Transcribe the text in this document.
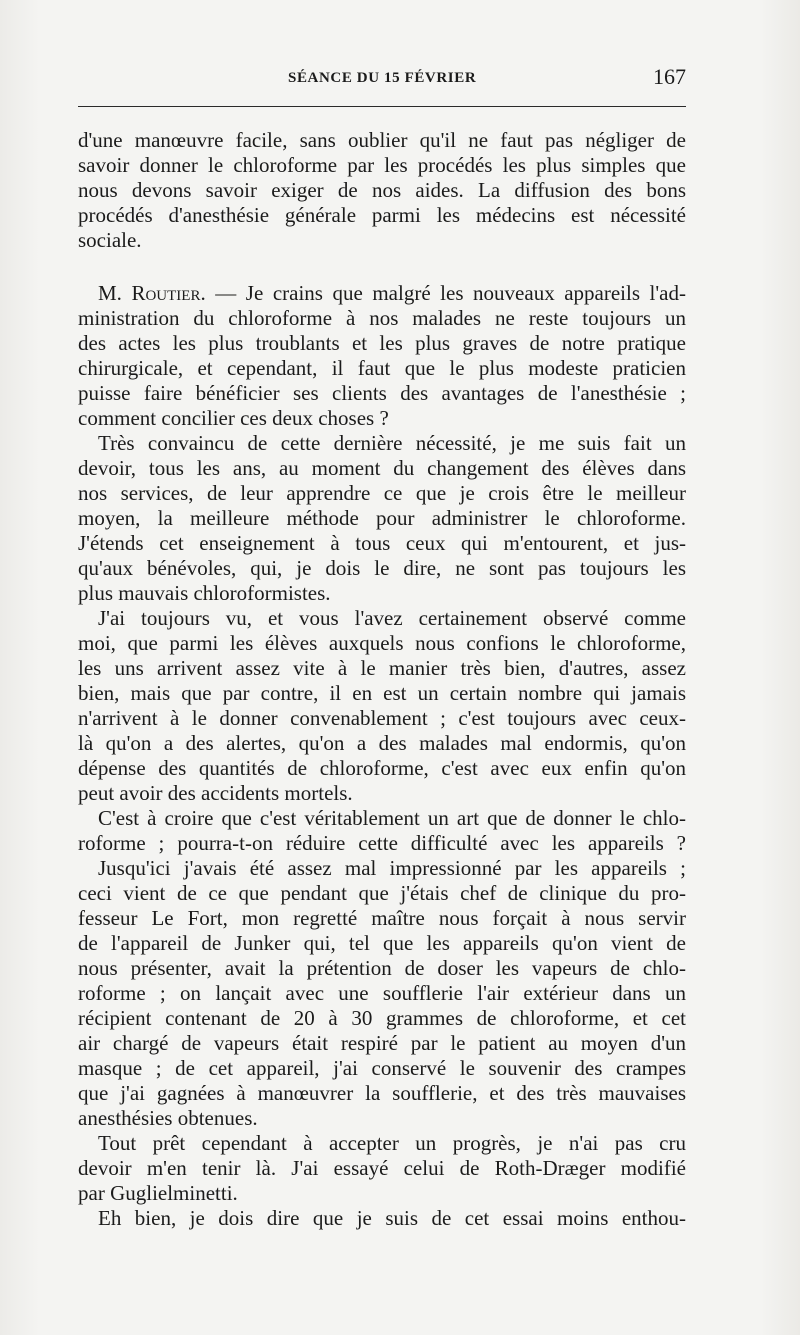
SÉANCE DU 15 FÉVRIER	167
d'une manœuvre facile, sans oublier qu'il ne faut pas négliger de
savoir donner le chloroforme par les procédés les plus simples que
nous devons savoir exiger de nos aides. La diffusion des bons
procédés d'anesthésie générale parmi les médecins est nécessité
sociale.
M. Routier. — Je crains que malgré les nouveaux appareils l'ad-
ministration du chloroforme à nos malades ne reste toujours un
des actes les plus troublants et les plus graves de notre pratique
chirurgicale, et cependant, il faut que le plus modeste praticien
puisse faire bénéficier ses clients des avantages de l'anesthésie ;
comment concilier ces deux choses ?
Très convaincu de cette dernière nécessité, je me suis fait un
devoir, tous les ans, au moment du changement des élèves dans
nos services, de leur apprendre ce que je crois être le meilleur
moyen, la meilleure méthode pour administrer le chloroforme.
J'étends cet enseignement à tous ceux qui m'entourent, et jus-
qu'aux bénévoles, qui, je dois le dire, ne sont pas toujours les
plus mauvais chloroformistes.
J'ai toujours vu, et vous l'avez certainement observé comme
moi, que parmi les élèves auxquels nous confions le chloroforme,
les uns arrivent assez vite à le manier très bien, d'autres, assez
bien, mais que par contre, il en est un certain nombre qui jamais
n'arrivent à le donner convenablement ; c'est toujours avec ceux-
là qu'on a des alertes, qu'on a des malades mal endormis, qu'on
dépense des quantités de chloroforme, c'est avec eux enfin qu'on
peut avoir des accidents mortels.
C'est à croire que c'est véritablement un art que de donner le chlo-
roforme ; pourra-t-on réduire cette difficulté avec les appareils ?
Jusqu'ici j'avais été assez mal impressionné par les appareils ;
ceci vient de ce que pendant que j'étais chef de clinique du pro-
fesseur Le Fort, mon regretté maître nous forçait à nous servir
de l'appareil de Junker qui, tel que les appareils qu'on vient de
nous présenter, avait la prétention de doser les vapeurs de chlo-
roforme ; on lançait avec une soufflerie l'air extérieur dans un
récipient contenant de 20 à 30 grammes de chloroforme, et cet
air chargé de vapeurs était respiré par le patient au moyen d'un
masque ; de cet appareil, j'ai conservé le souvenir des crampes
que j'ai gagnées à manœuvrer la soufflerie, et des très mauvaises
anesthésies obtenues.
Tout prêt cependant à accepter un progrès, je n'ai pas cru
devoir m'en tenir là. J'ai essayé celui de Roth-Dræger modifié
par Guglielminetti.
Eh bien, je dois dire que je suis de cet essai moins enthou-
